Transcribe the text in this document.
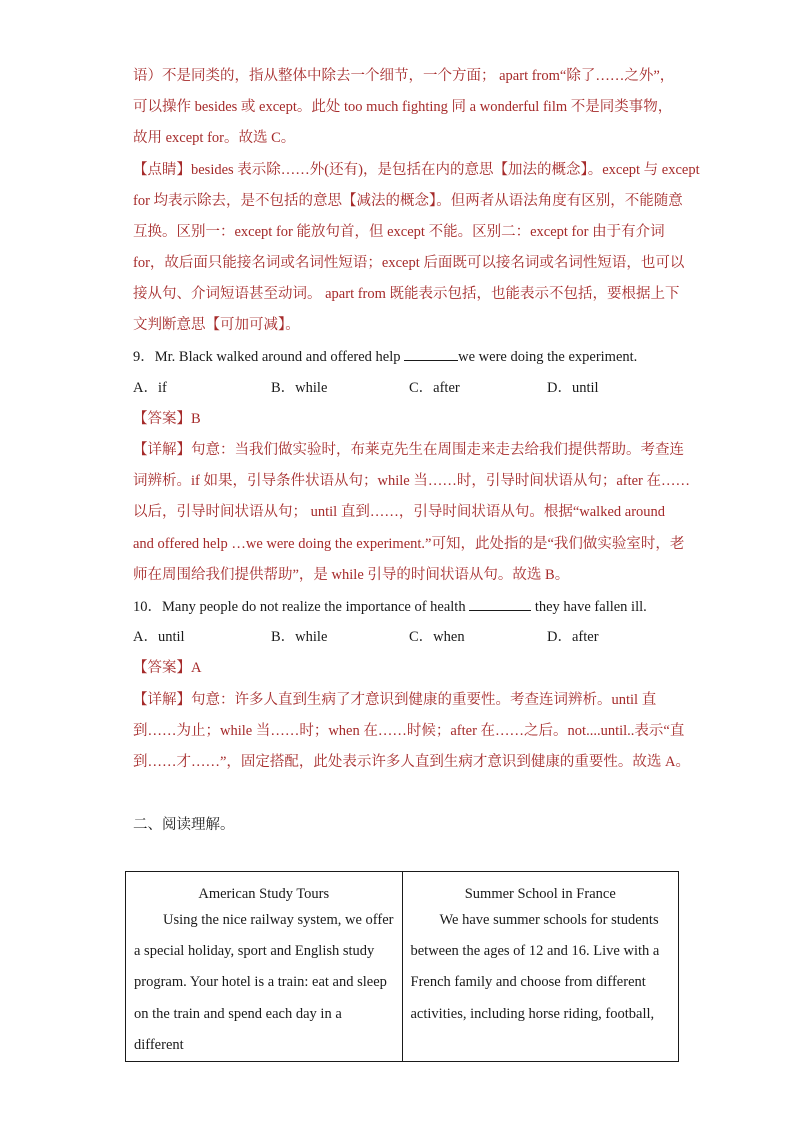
语）不是同类的，指从整体中除去一个细节，一个方面； apart from“除了……之外”，
可以操作 besides 或 except。此处 too much fighting 同 a wonderful film 不是同类事物，
故用 except for。故选 C。
【点睛】besides 表示除……外(还有)，是包括在内的意思【加法的概念】。except 与 except
for 均表示除去，是不包括的意思【减法的概念】。但两者从语法角度有区别，不能随意
互换。区别一：except for 能放句首，但 except 不能。区别二：except for 由于有介词
for，故后面只能接名词或名词性短语；except 后面既可以接名词或名词性短语，也可以
接从句、介词短语甚至动词。 apart from 既能表示包括，也能表示不包括，要根据上下
文判断意思【可加可减】。
9．Mr. Black walked around and offered help	we were doing the experiment.
A．if	B．while	C．after	D．until
【答案】B
【详解】句意：当我们做实验时，布莱克先生在周围走来走去给我们提供帮助。考查连
词辨析。if 如果，引导条件状语从句；while 当……时，引导时间状语从句；after 在……
以后，引导时间状语从句； until 直到……，引导时间状语从句。根据“walked around
and offered help …we were doing the experiment.”可知，此处指的是“我们做实验室时，老
师在周围给我们提供帮助”，是 while 引导的时间状语从句。故选 B。
10．Many people do not realize the importance of health	they have fallen ill.
A．until	B．while	C．when	D．after
【答案】A
【详解】句意：许多人直到生病了才意识到健康的重要性。考查连词辨析。until 直
到……为止；while 当……时；when 在……时候；after 在……之后。not....until..表示“直
到……才……”，固定搭配，此处表示许多人直到生病才意识到健康的重要性。故选 A。
二、阅读理解。
American Study Tours
Using the nice railway system, we offer a special holiday, sport and English study program. Your hotel is a train: eat and sleep on the train and spend each day in a different

Summer School in France
We have summer schools for students between the ages of 12 and 16. Live with a French family and choose from different activities, including horse riding, football,
